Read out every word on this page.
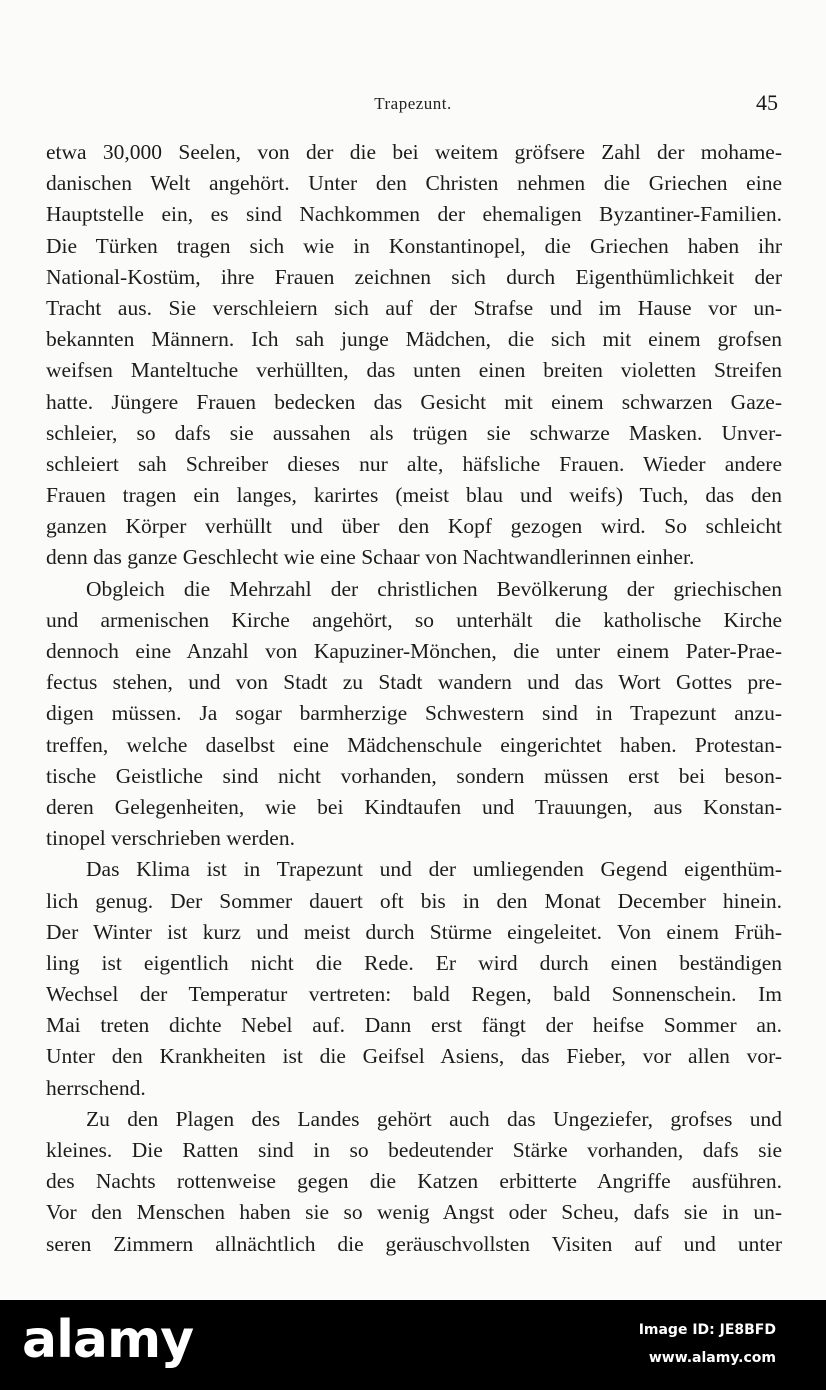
Trapezunt.	45
etwa 30,000 Seelen, von der die bei weitem gröfsere Zahl der mohame-
danischen Welt angehört. Unter den Christen nehmen die Griechen eine
Hauptstelle ein, es sind Nachkommen der ehemaligen Byzantiner-Familien.
Die Türken tragen sich wie in Konstantinopel, die Griechen haben ihr
National-Kostüm, ihre Frauen zeichnen sich durch Eigenthümlichkeit der
Tracht aus. Sie verschleiern sich auf der Strafse und im Hause vor un-
bekannten Männern. Ich sah junge Mädchen, die sich mit einem grofsen
weifsen Manteltuche verhüllten, das unten einen breiten violetten Streifen
hatte. Jüngere Frauen bedecken das Gesicht mit einem schwarzen Gaze-
schleier, so dafs sie aussahen als trügen sie schwarze Masken. Unver-
schleiert sah Schreiber dieses nur alte, häfsliche Frauen. Wieder andere
Frauen tragen ein langes, karirtes (meist blau und weifs) Tuch, das den
ganzen Körper verhüllt und über den Kopf gezogen wird. So schleicht
denn das ganze Geschlecht wie eine Schaar von Nachtwandlerinnen einher.
Obgleich die Mehrzahl der christlichen Bevölkerung der griechischen
und armenischen Kirche angehört, so unterhält die katholische Kirche
dennoch eine Anzahl von Kapuziner-Mönchen, die unter einem Pater-Prae-
fectus stehen, und von Stadt zu Stadt wandern und das Wort Gottes pre-
digen müssen. Ja sogar barmherzige Schwestern sind in Trapezunt anzu-
treffen, welche daselbst eine Mädchenschule eingerichtet haben. Protestan-
tische Geistliche sind nicht vorhanden, sondern müssen erst bei beson-
deren Gelegenheiten, wie bei Kindtaufen und Trauungen, aus Konstan-
tinopel verschrieben werden.
Das Klima ist in Trapezunt und der umliegenden Gegend eigenthüm-
lich genug. Der Sommer dauert oft bis in den Monat December hinein.
Der Winter ist kurz und meist durch Stürme eingeleitet. Von einem Früh-
ling ist eigentlich nicht die Rede. Er wird durch einen beständigen
Wechsel der Temperatur vertreten: bald Regen, bald Sonnenschein. Im
Mai treten dichte Nebel auf. Dann erst fängt der heifse Sommer an.
Unter den Krankheiten ist die Geifsel Asiens, das Fieber, vor allen vor-
herrschend.
Zu den Plagen des Landes gehört auch das Ungeziefer, grofses und
kleines. Die Ratten sind in so bedeutender Stärke vorhanden, dafs sie
des Nachts rottenweise gegen die Katzen erbitterte Angriffe ausführen.
Vor den Menschen haben sie so wenig Angst oder Scheu, dafs sie in un-
seren Zimmern allnächtlich die geräuschvollsten Visiten auf und unter
alamy	Image ID: JE8BFD
www.alamy.com
